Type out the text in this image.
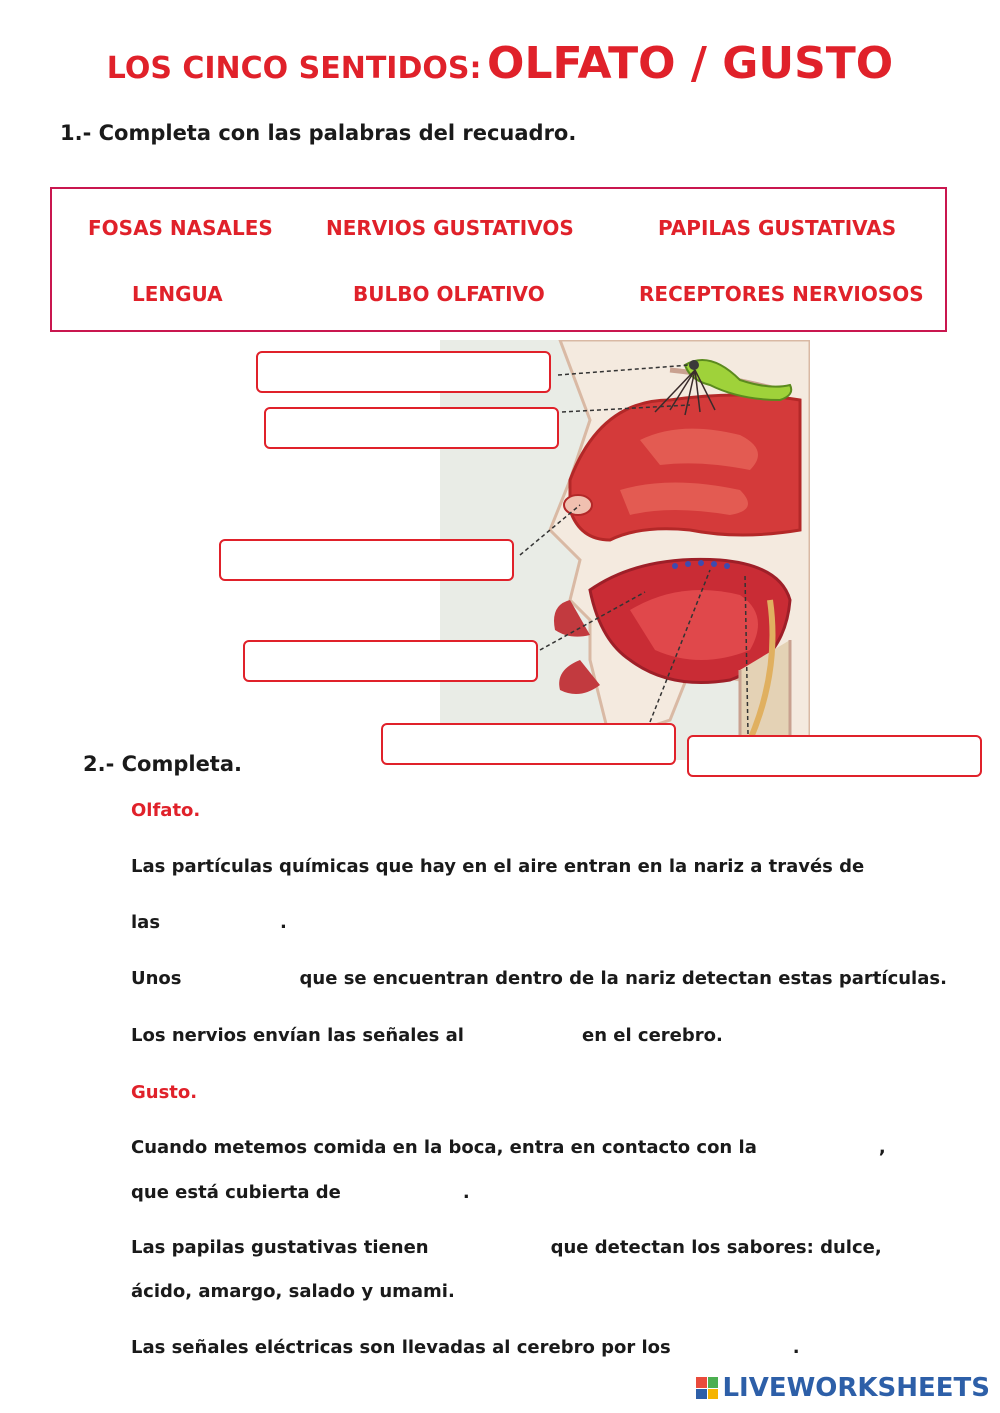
LOS CINCO SENTIDOS: OLFATO / GUSTO
1.- Completa con las palabras del recuadro.
FOSAS NASALES	NERVIOS GUSTATIVOS	PAPILAS GUSTATIVAS
LENGUA	BULBO OLFATIVO	RECEPTORES NERVIOSOS
2.- Completa.
Olfato.
Las partículas químicas que hay en el aire entran en la nariz a través de
las	.
Unos	que se encuentran dentro de la nariz detectan estas partículas.
Los nervios envían las señales al	en el cerebro.
Gusto.
Cuando metemos comida en la boca, entra en contacto con la	,
que está cubierta de	.
Las papilas gustativas tienen	que detectan los sabores: dulce,
ácido, amargo, salado y umami.
Las señales eléctricas son llevadas al cerebro por los	.
LIVEWORKSHEETS
